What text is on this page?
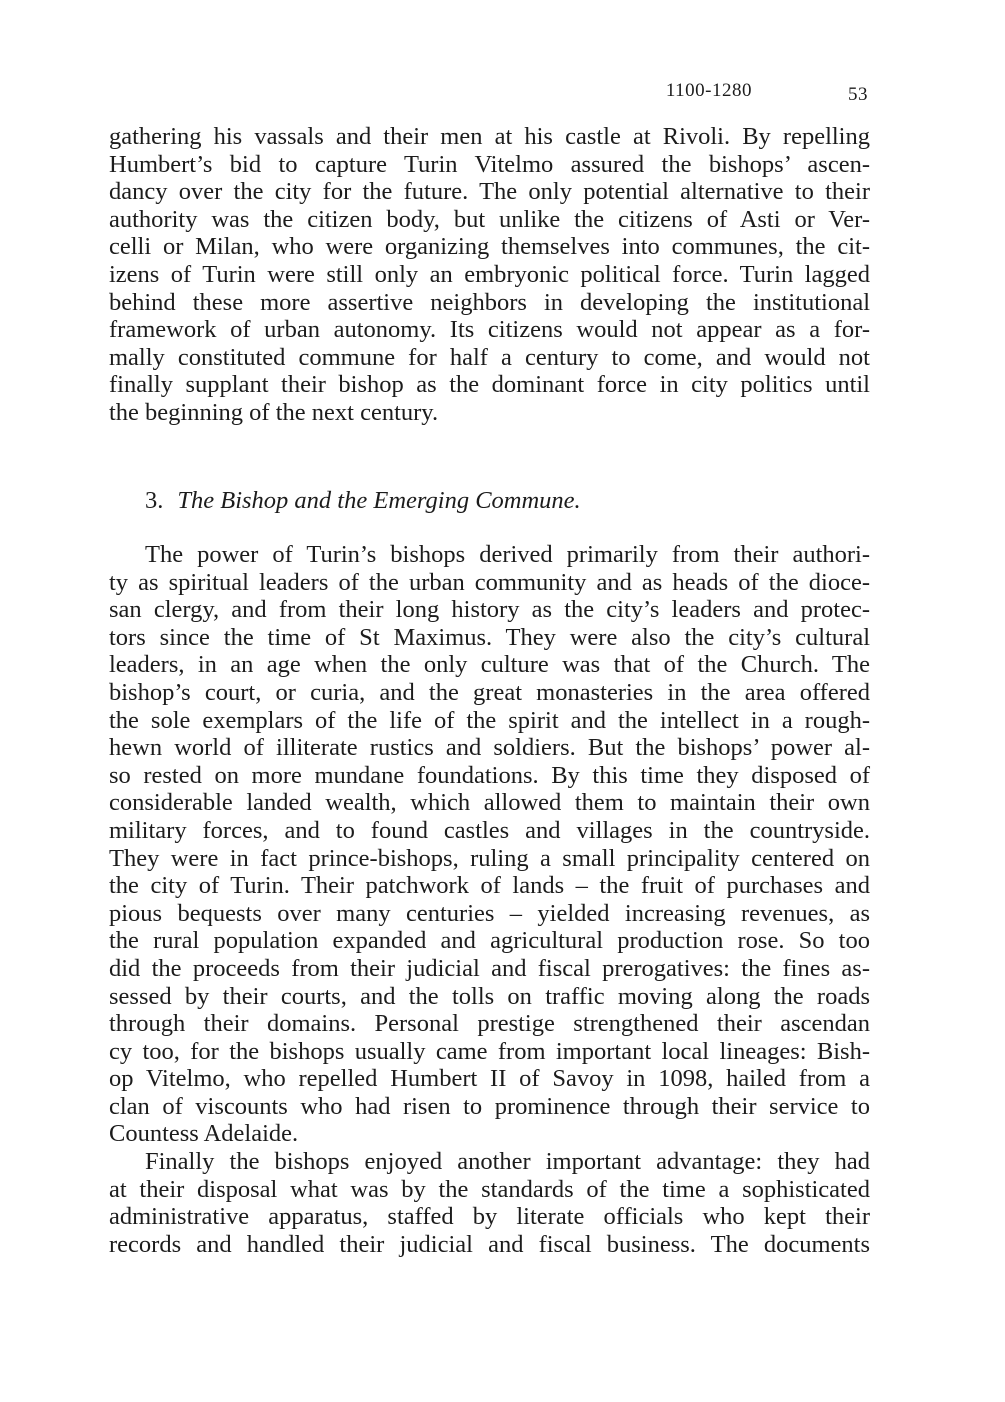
1100-1280	53
gathering his vassals and their men at his castle at Rivoli. By repelling
Humbert’s bid to capture Turin Vitelmo assured the bishops’ ascen-
dancy over the city for the future. The only potential alternative to their
authority was the citizen body, but unlike the citizens of Asti or Ver-
celli or Milan, who were organizing themselves into communes, the cit-
izens of Turin were still only an embryonic political force. Turin lagged
behind these more assertive neighbors in developing the institutional
framework of urban autonomy. Its citizens would not appear as a for-
mally constituted commune for half a century to come, and would not
finally supplant their bishop as the dominant force in city politics until
the beginning of the next century.
3. The Bishop and the Emerging Commune.
The power of Turin’s bishops derived primarily from their authori-
ty as spiritual leaders of the urban community and as heads of the dioce-
san clergy, and from their long history as the city’s leaders and protec-
tors since the time of St Maximus. They were also the city’s cultural
leaders, in an age when the only culture was that of the Church. The
bishop’s court, or curia, and the great monasteries in the area offered
the sole exemplars of the life of the spirit and the intellect in a rough-
hewn world of illiterate rustics and soldiers. But the bishops’ power al-
so rested on more mundane foundations. By this time they disposed of
considerable landed wealth, which allowed them to maintain their own
military forces, and to found castles and villages in the countryside.
They were in fact prince-bishops, ruling a small principality centered on
the city of Turin. Their patchwork of lands – the fruit of purchases and
pious bequests over many centuries – yielded increasing revenues, as
the rural population expanded and agricultural production rose. So too
did the proceeds from their judicial and fiscal prerogatives: the fines as-
sessed by their courts, and the tolls on traffic moving along the roads
through their domains. Personal prestige strengthened their ascendan
cy too, for the bishops usually came from important local lineages: Bish-
op Vitelmo, who repelled Humbert II of Savoy in 1098, hailed from a
clan of viscounts who had risen to prominence through their service to
Countess Adelaide.
Finally the bishops enjoyed another important advantage: they had
at their disposal what was by the standards of the time a sophisticated
administrative apparatus, staffed by literate officials who kept their
records and handled their judicial and fiscal business. The documents
